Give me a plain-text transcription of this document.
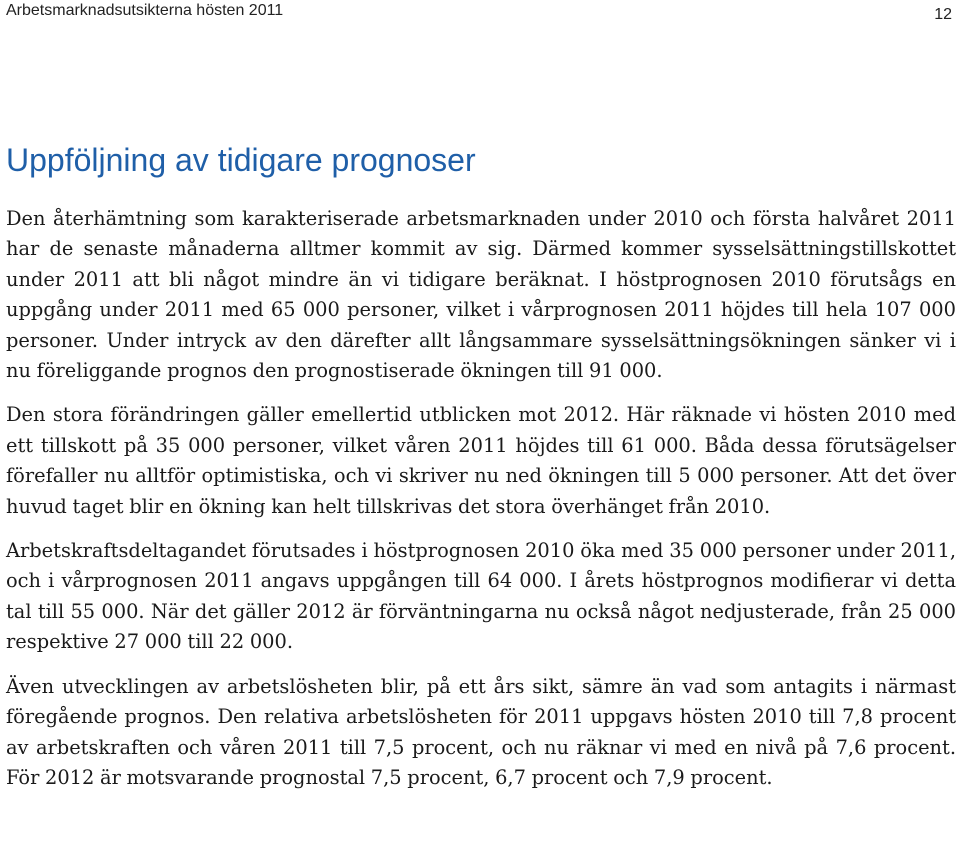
Arbetsmarknadsutsikterna hösten 2011	12
Uppföljning av tidigare prognoser

Den återhämtning som karakteriserade arbetsmarknaden under 2010 och första halvåret 2011 har de senaste månaderna alltmer kommit av sig. Därmed kommer sysselsättningstillskottet under 2011 att bli något mindre än vi tidigare beräknat. I höstprognosen 2010 förutsågs en uppgång under 2011 med 65 000 personer, vilket i vårprognosen 2011 höjdes till hela 107 000 personer. Under intryck av den därefter allt långsammare sysselsättningsökningen sänker vi i nu föreliggande prognos den prognostiserade ökningen till 91 000.

Den stora förändringen gäller emellertid utblicken mot 2012. Här räknade vi hösten 2010 med ett tillskott på 35 000 personer, vilket våren 2011 höjdes till 61 000. Båda dessa förutsägelser förefaller nu alltför optimistiska, och vi skriver nu ned ökningen till 5 000 personer. Att det över huvud taget blir en ökning kan helt tillskrivas det stora överhänget från 2010.

Arbetskraftsdeltagandet förutsades i höstprognosen 2010 öka med 35 000 personer under 2011, och i vårprognosen 2011 angavs uppgången till 64 000. I årets höstprognos modifierar vi detta tal till 55 000. När det gäller 2012 är förväntningarna nu också något nedjusterade, från 25 000 respektive 27 000 till 22 000.

Även utvecklingen av arbetslösheten blir, på ett års sikt, sämre än vad som antagits i närmast föregående prognos. Den relativa arbetslösheten för 2011 uppgavs hösten 2010 till 7,8 procent av arbetskraften och våren 2011 till 7,5 procent, och nu räknar vi med en nivå på 7,6 procent. För 2012 är motsvarande prognostal 7,5 procent, 6,7 procent och 7,9 procent.
